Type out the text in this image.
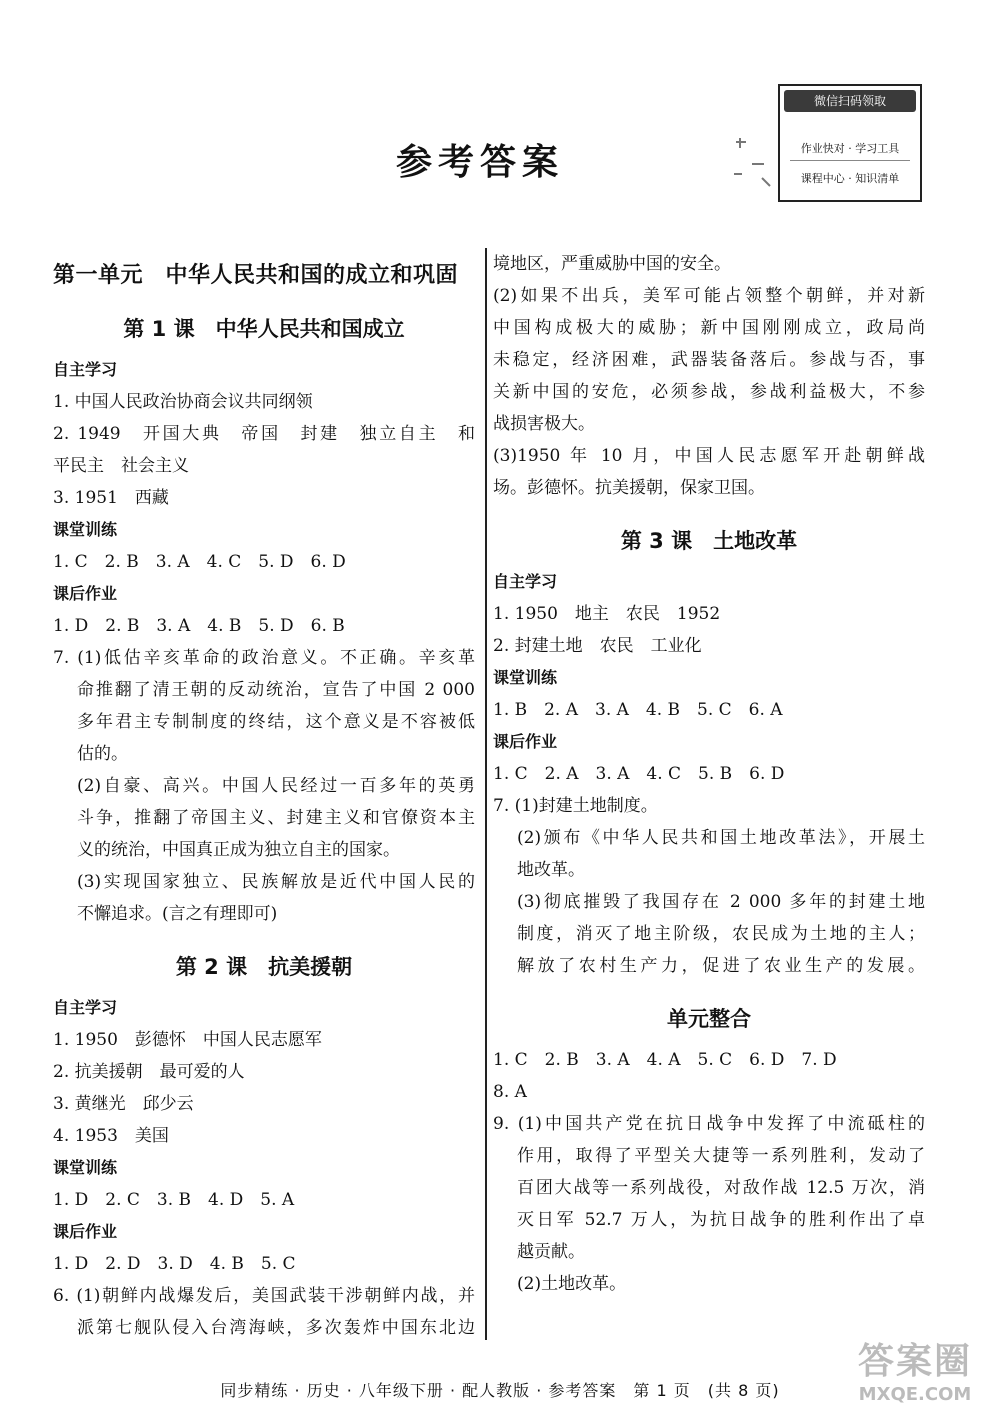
参考答案
微信扫码领取
作业快对 · 学习工具
课程中心 · 知识清单
第一单元　中华人民共和国的成立和巩固
第 1 课　中华人民共和国成立
自主学习
1. 中国人民政治协商会议共同纲领
2. 1949　开国大典　帝国　封建　独立自主　和
平民主　社会主义
3. 1951　西藏
课堂训练
1. C　2. B　3. A　4. C　5. D　6. D
课后作业
1. D　2. B　3. A　4. B　5. D　6. B
7. (1)低估辛亥革命的政治意义。不正确。辛亥革
命推翻了清王朝的反动统治，宣告了中国 2 000
多年君主专制制度的终结，这个意义是不容被低
估的。
(2)自豪、高兴。中国人民经过一百多年的英勇
斗争，推翻了帝国主义、封建主义和官僚资本主
义的统治，中国真正成为独立自主的国家。
(3)实现国家独立、民族解放是近代中国人民的
不懈追求。(言之有理即可)
第 2 课　抗美援朝
自主学习
1. 1950　彭德怀　中国人民志愿军
2. 抗美援朝　最可爱的人
3. 黄继光　邱少云
4. 1953　美国
课堂训练
1. D　2. C　3. B　4. D　5. A
课后作业
1. D　2. D　3. D　4. B　5. C
6. (1)朝鲜内战爆发后，美国武装干涉朝鲜内战，并
派第七舰队侵入台湾海峡，多次轰炸中国东北边
境地区，严重威胁中国的安全。
(2)如果不出兵，美军可能占领整个朝鲜，并对新
中国构成极大的威胁；新中国刚刚成立，政局尚
未稳定，经济困难，武器装备落后。参战与否，事
关新中国的安危，必须参战，参战利益极大，不参
战损害极大。
(3)1950 年 10 月，中国人民志愿军开赴朝鲜战
场。彭德怀。抗美援朝，保家卫国。
第 3 课　土地改革
自主学习
1. 1950　地主　农民　1952
2. 封建土地　农民　工业化
课堂训练
1. B　2. A　3. A　4. B　5. C　6. A
课后作业
1. C　2. A　3. A　4. C　5. B　6. D
7. (1)封建土地制度。
(2)颁布《中华人民共和国土地改革法》，开展土
地改革。
(3)彻底摧毁了我国存在 2 000 多年的封建土地
制度，消灭了地主阶级，农民成为土地的主人；
解放了农村生产力，促进了农业生产的发展。
单元整合
1. C　2. B　3. A　4. A　5. C　6. D　7. D
8. A
9. (1)中国共产党在抗日战争中发挥了中流砥柱的
作用，取得了平型关大捷等一系列胜利，发动了
百团大战等一系列战役，对敌作战 12.5 万次，消
灭日军 52.7 万人，为抗日战争的胜利作出了卓
越贡献。
(2)土地改革。
同步精练 · 历史 · 八年级下册 · 配人教版 · 参考答案　第 1 页　(共 8 页)
答案圈
MXQE.COM
